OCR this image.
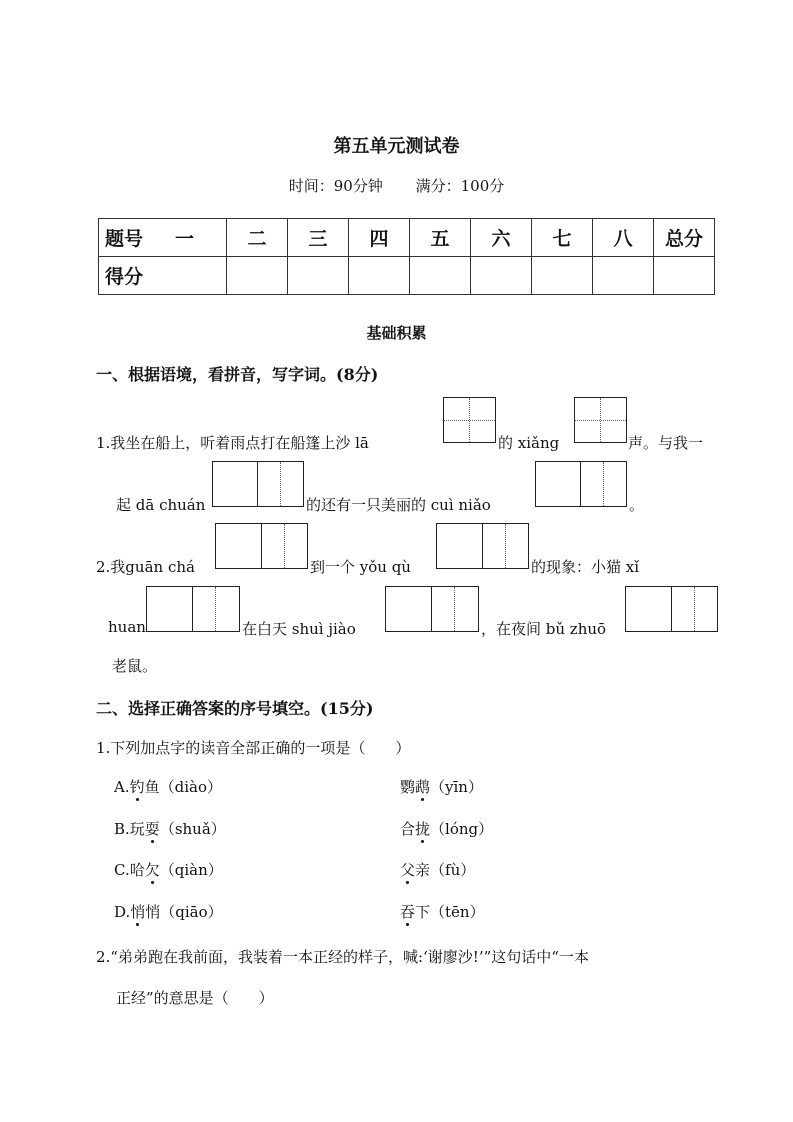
第五单元测试卷
时间：90分钟 满分：100分
题号 一	二	三	四	五	六	七	八	总分
得分								
基础积累
一、根据语境，看拼音，写字词。(8分)
1.我坐在船上，听着雨点打在船篷上沙 lā	的 xiǎng	声。与我一
起 dā chuán	的还有一只美丽的 cuì niǎo	。
2.我guān chá	到一个 yǒu qù	的现象：小猫 xǐ
huan	在白天 shuì jiào	，在夜间 bǔ zhuō
老鼠。
二、选择正确答案的序号填空。(15分)
1.下列加点字的读音全部正确的一项是（　　）
A.钓鱼（diào）	鹦鹉（yīn）
B.玩耍（shuǎ）	合拢（lóng）
C.哈欠（qiàn）	父亲（fù）
D.悄悄（qiāo）	吞下（tēn）
2.“弟弟跑在我前面，我装着一本正经的样子，喊:‘谢廖沙!’”这句话中“一本
正经”的意思是（　　）
